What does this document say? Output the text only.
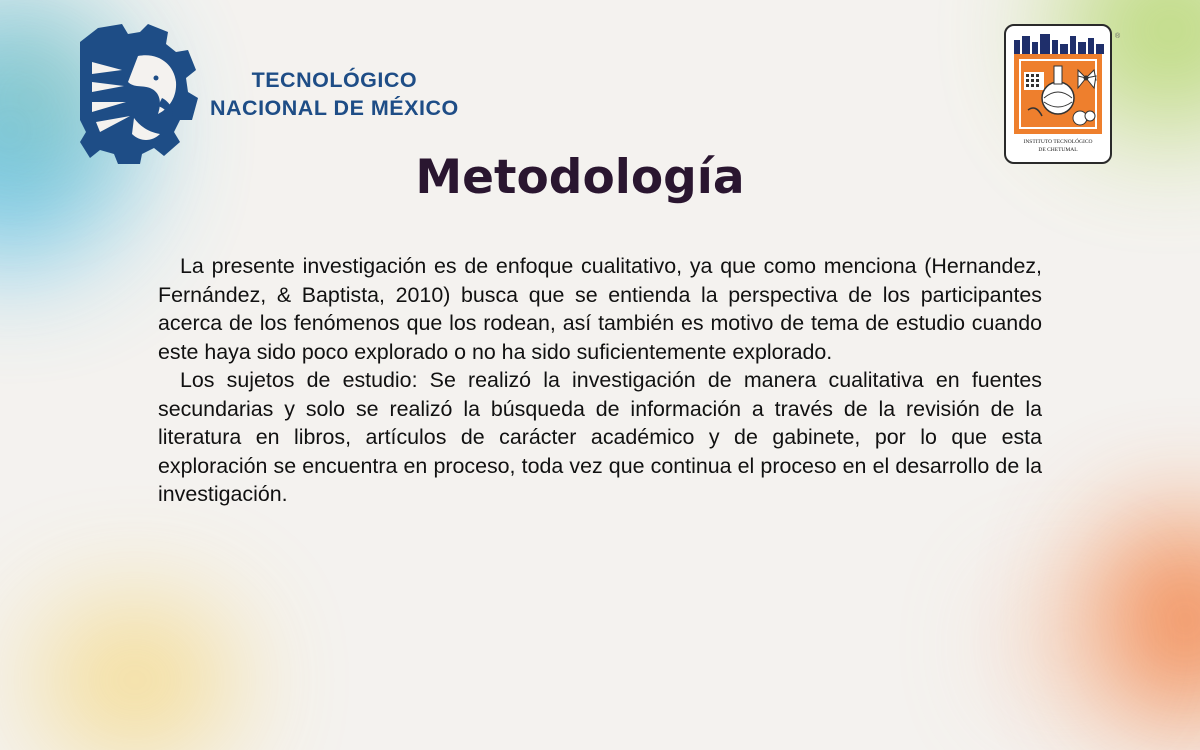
TECNOLÓGICO
NACIONAL DE MÉXICO
INSTITUTO TECNOLÓGICO
DE CHETUMAL
®
Metodología

La presente investigación es de enfoque cualitativo, ya que como menciona (Hernandez, Fernández, & Baptista, 2010) busca que se entienda la perspectiva de los participantes acerca de los fenómenos que los rodean, así también es motivo de tema de estudio cuando este haya sido poco explorado o no ha sido suficientemente explorado.

Los sujetos de estudio: Se realizó la investigación de manera cualitativa en fuentes secundarias y solo se realizó la búsqueda de información a través de la revisión de la literatura en libros, artículos de carácter académico y de gabinete, por lo que esta exploración se encuentra en proceso, toda vez que continua el proceso en el desarrollo de la investigación.
